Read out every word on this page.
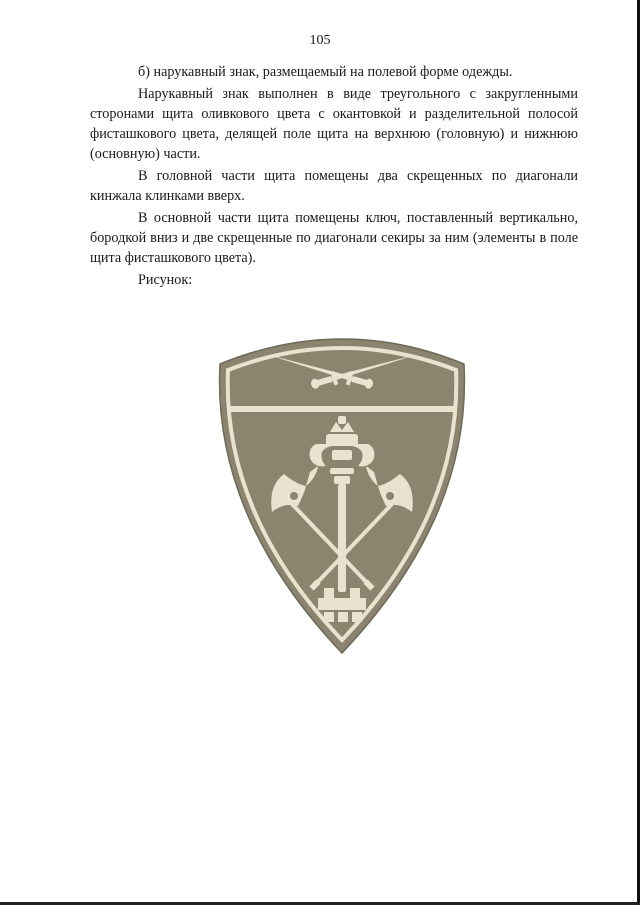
105

б) нарукавный знак, размещаемый на полевой форме одежды.

Нарукавный знак выполнен в виде треугольного с закругленными сторонами щита оливкового цвета с окантовкой и разделительной полосой фисташкового цвета, делящей поле щита на верхнюю (головную) и нижнюю (основную) части.

В головной части щита помещены два скрещенных по диагонали кинжала клинками вверх.

В основной части щита помещены ключ, поставленный вертикально, бородкой вниз и две скрещенные по диагонали секиры за ним (элементы в поле щита фисташкового цвета).

Рисунок:
